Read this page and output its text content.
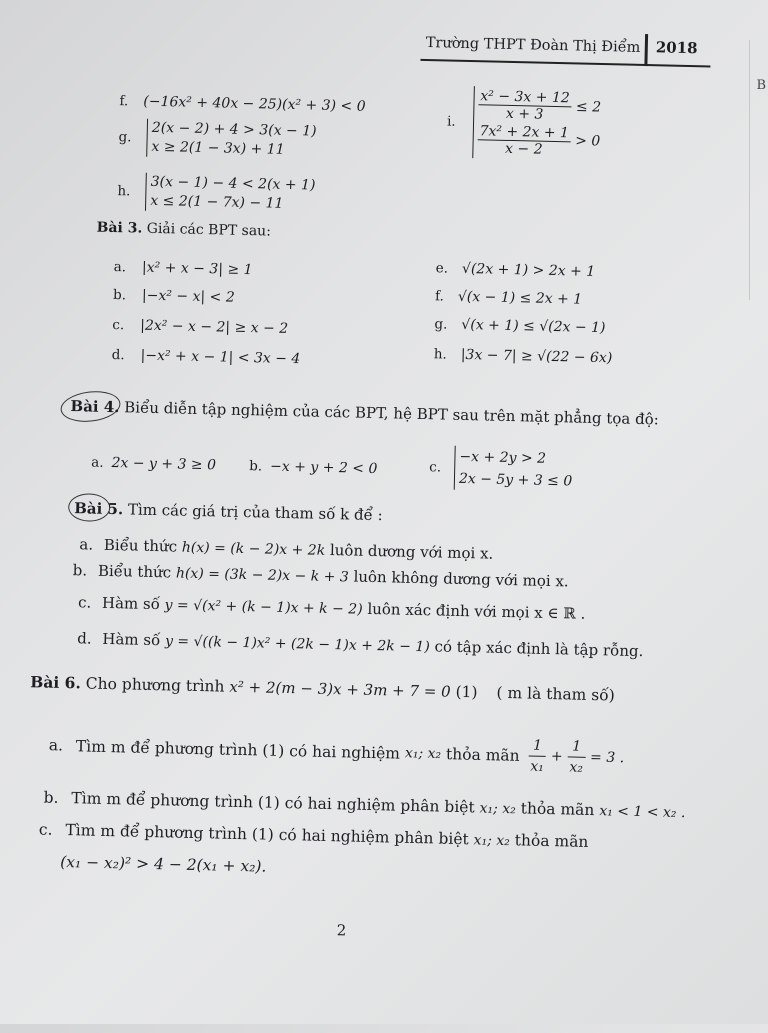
B
Trường THPT Đoàn Thị Điểm 2018
f. (−16x² + 40x − 25)(x² + 3) < 0
g. 2(x − 2) + 4 > 3(x − 1)
x ≥ 2(1 − 3x) + 11
h. 3(x − 1) − 4 < 2(x + 1)
x ≤ 2(1 − 7x) − 11
i. $\frac{\text{x² − 3x + 12}}{x + 3} \le 2$

$\frac{\text{7x² + 2x + 1}}{x - 2} > 0$
Bài 3. Giải các BPT sau:
a. |x² + x − 3| ≥ 1
b. |−x² − x| < 2
c. |2x² − x − 2| ≥ x − 2
d. |−x² + x − 1| < 3x − 4
e. √(2x + 1) > 2x + 1
f. √(x − 1) ≤ 2x + 1
g. √(x + 1) ≤ √(2x − 1)
h. |3x − 7| ≥ √(22 − 6x)
Bài 4. Biểu diễn tập nghiệm của các BPT, hệ BPT sau trên mặt phẳng tọa độ:
a. 2x − y + 3 ≥ 0 b. −x + y + 2 < 0	c. −x + 2y > 2
2x − 5y + 3 ≤ 0
Bài 5. Tìm các giá trị của tham số k để :
a. Biểu thức h(x) = (k − 2)x + 2k luôn dương với mọi x.
b. Biểu thức h(x) = (3k − 2)x − k + 3 luôn không dương với mọi x.
c. Hàm số y = √(x² + (k − 1)x + k − 2) luôn xác định với mọi x ∈ ℝ .
d. Hàm số y = √((k − 1)x² + (2k − 1)x + 2k − 1) có tập xác định là tập rỗng.
Bài 6. Cho phương trình x² + 2(m − 3)x + 3m + 7 = 0 (1) ( m là tham số)
a. Tìm m để phương trình (1) có hai nghiệm x₁; x₂ thỏa mãn $\frac{1}{\text{x₁}} + \frac{1}{\text{x₂}} = 3$ .
b. Tìm m để phương trình (1) có hai nghiệm phân biệt x₁; x₂ thỏa mãn x₁ < 1 < x₂ .
c. Tìm m để phương trình (1) có hai nghiệm phân biệt x₁; x₂ thỏa mãn
(x₁ − x₂)² > 4 − 2(x₁ + x₂).
2
